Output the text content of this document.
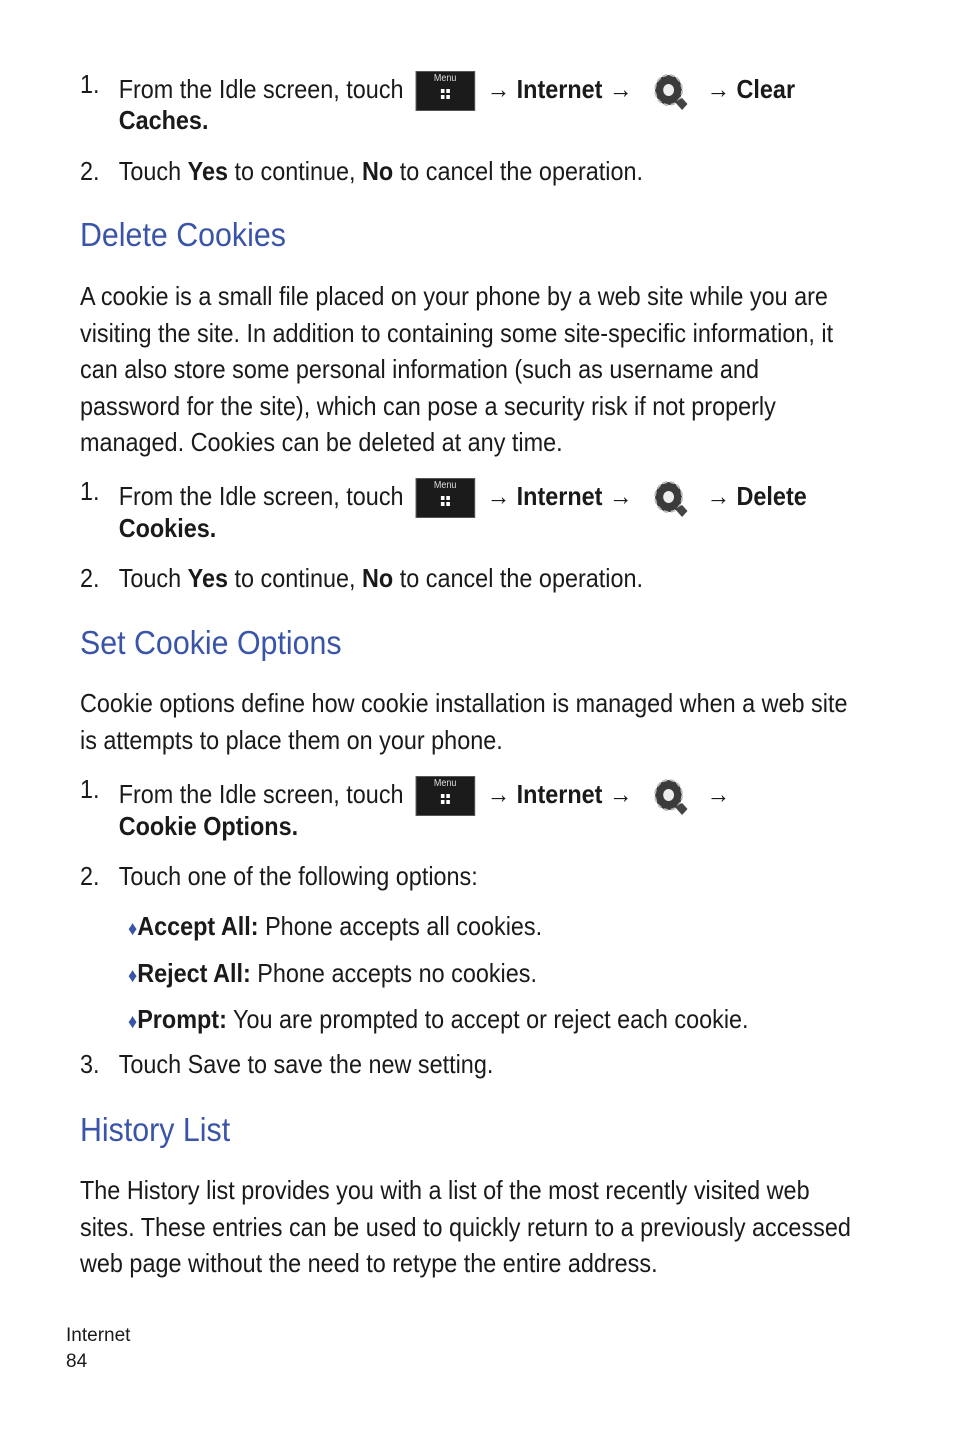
1. From the Idle screen, touch	Menu	→ Internet →	→ Clear
Caches.
2. Touch Yes to continue, No to cancel the operation.
Delete Cookies
A cookie is a small file placed on your phone by a web site while you are
visiting the site. In addition to containing some site-specific information, it
can also store some personal information (such as username and
password for the site), which can pose a security risk if not properly
managed. Cookies can be deleted at any time.
1. From the Idle screen, touch	Menu	→ Internet →	→ Delete
Cookies.
2. Touch Yes to continue, No to cancel the operation.
Set Cookie Options
Cookie options define how cookie installation is managed when a web site
is attempts to place them on your phone.
1. From the Idle screen, touch	Menu	→ Internet →	→
Cookie Options.
2. Touch one of the following options:
♦Accept All: Phone accepts all cookies.
♦Reject All: Phone accepts no cookies.
♦Prompt: You are prompted to accept or reject each cookie.
3. Touch Save to save the new setting.
History List
The History list provides you with a list of the most recently visited web
sites. These entries can be used to quickly return to a previously accessed
web page without the need to retype the entire address.
Internet
84
